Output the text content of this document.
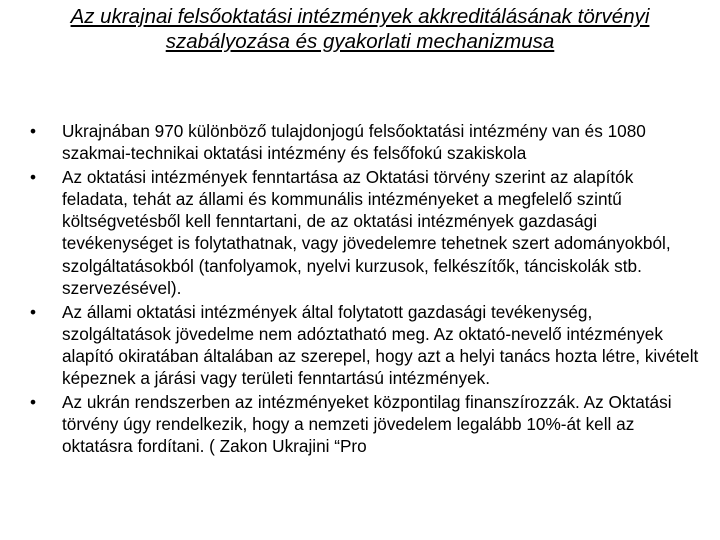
Az ukrajnai felsőoktatási intézmények akkreditálásának törvényi szabályozása és gyakorlati mechanizmusa
• Ukrajnában 970 különböző tulajdonjogú felsőoktatási intézmény van és 1080 szakmai-technikai oktatási intézmény és felsőfokú szakiskola
• Az oktatási intézmények fenntartása az Oktatási törvény szerint az alapítók feladata, tehát az állami és kommunális intézményeket a megfelelő szintű költségvetésből kell fenntartani, de az oktatási intézmények gazdasági tevékenységet is folytathatnak, vagy jövedelemre tehetnek szert adományokból, szolgáltatásokból (tanfolyamok, nyelvi kurzusok, felkészítők, tánciskolák stb. szervezésével).
• Az állami oktatási intézmények által folytatott gazdasági tevékenység, szolgáltatások jövedelme nem adóztatható meg. Az oktató-nevelő intézmények alapító okiratában általában az szerepel, hogy azt a helyi tanács hozta létre, kivételt képeznek a járási vagy területi fenntartású intézmények.
• Az ukrán rendszerben az intézményeket központilag finanszírozzák. Az Oktatási törvény úgy rendelkezik, hogy a nemzeti jövedelem legalább 10%-át kell az oktatásra fordítani. ( Zakon Ukrajini “Pro
